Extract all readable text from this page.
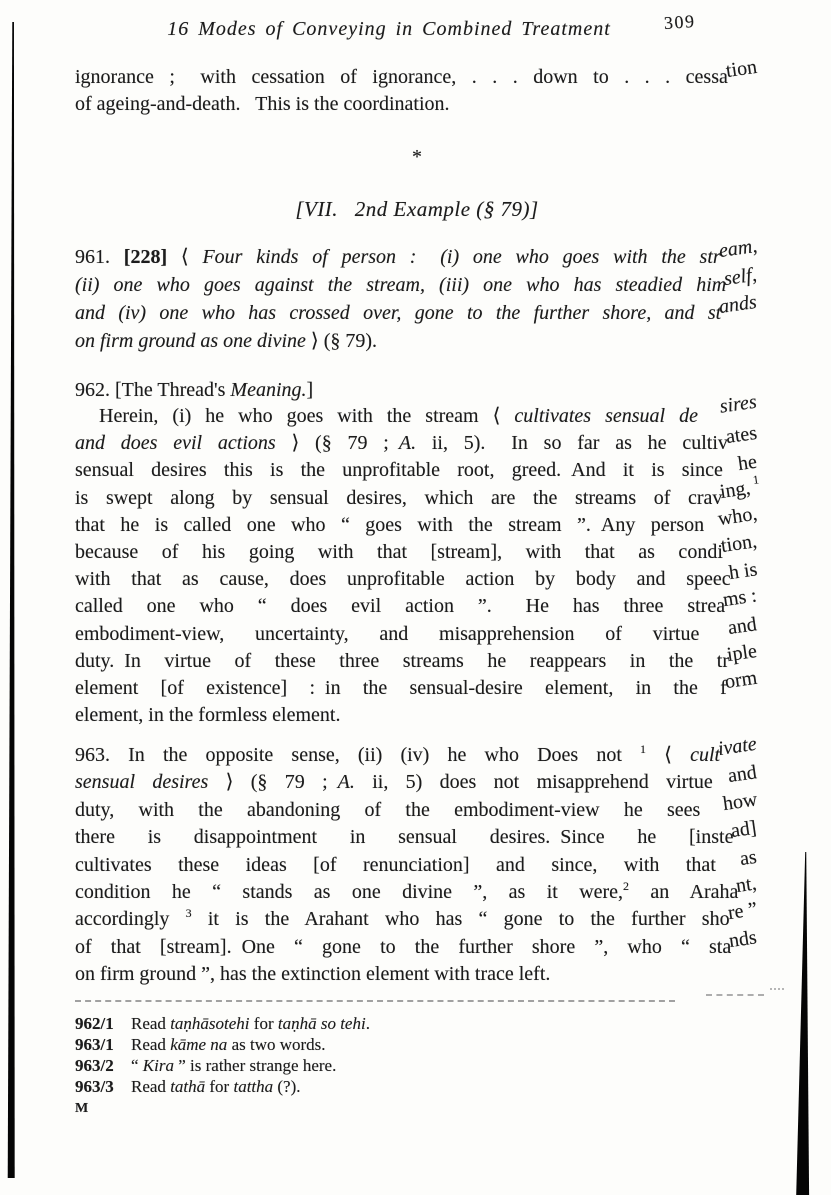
16 Modes of Conveying in Combined Treatment	309
ignorance ;  with cessation of ignorance, . . . down to . . . cessation
of ageing-and-death.  This is the coordination.
*
[VII.  2nd Example (§ 79)]
961. [228] ⟨ Four kinds of person :  (i) one who goes with the stream,
(ii) one who goes against the stream, (iii) one who has steadied himself,
and (iv) one who has crossed over, gone to the further shore, and stands
on firm ground as one divine ⟩ (§ 79).
962. [The Thread's Meaning.]
Herein, (i) he who goes with the stream ⟨ cultivates sensual de sires
and does evil actions ⟩ (§ 79 ; A. ii, 5).  In so far as he cultivates
sensual desires this is the unprofitable root, greed. And it is since he
is swept along by sensual desires, which are the streams of craving,1
that he is called one who “ goes with the stream ”. Any person who,
because of his going with that [stream], with that as condition,
with that as cause, does unprofitable action by body and speech is
called one who “ does evil action ”.  He has three streams :
embodiment-view, uncertainty, and misapprehension of virtue and
duty. In virtue of these three streams he reappears in the triple
element [of existence] : in the sensual-desire element, in the form
element, in the formless element.
963. In the opposite sense, (ii) (iv) he who Does not $^1$ ⟨ cultivate
sensual desires ⟩ (§ 79 ; A. ii, 5) does not misapprehend virtue and
duty, with the abandoning of the embodiment-view he sees how
there is disappointment in sensual desires. Since he [instead]
cultivates these ideas [of renunciation] and since, with that as
condition he “ stands as one divine ”, as it were,$^2$ an Arahant,
accordingly $^3$ it is the Arahant who has “ gone to the further shore ”
of that [stream]. One “ gone to the further shore ”, who “ stands
on firm ground ”, has the extinction element with trace left.
962/1 Read taṇhāsotehi for taṇhā so tehi.
963/1 Read kāme na as two words.
963/2 “ Kira ” is rather strange here.
963/3 Read tathā for tattha (?).
M
